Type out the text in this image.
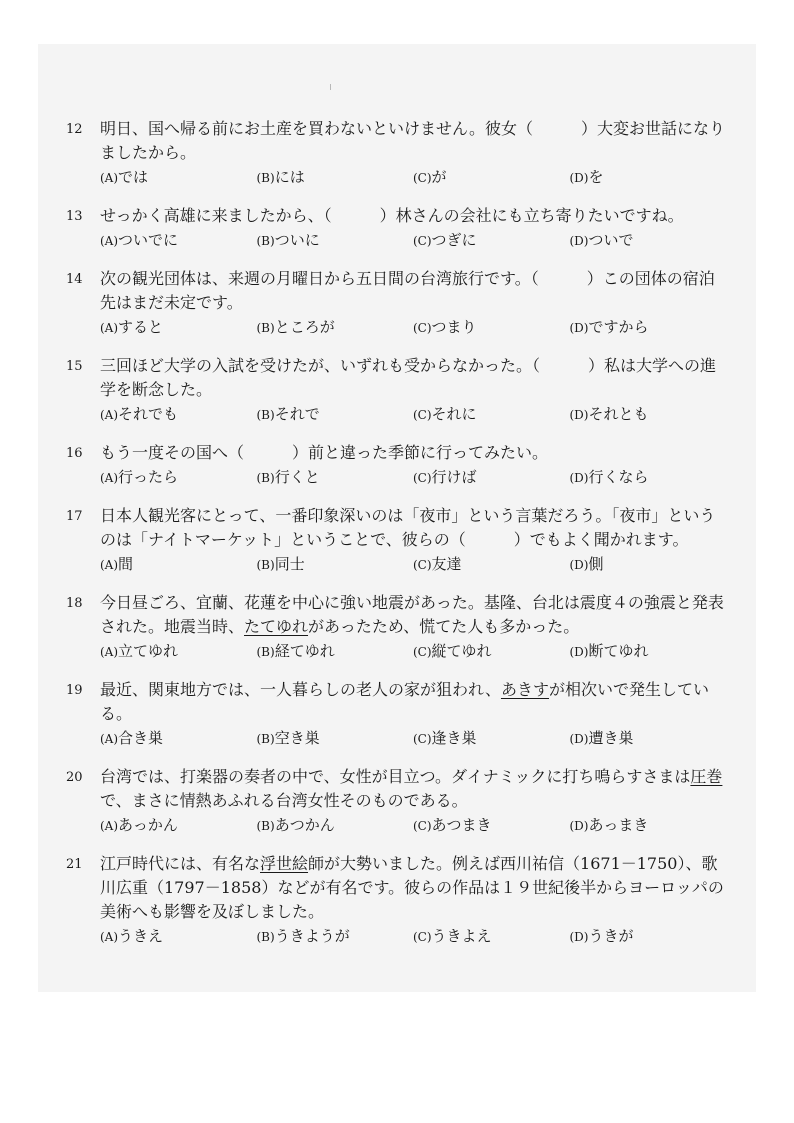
12	明日、国へ帰る前にお土産を買わないといけません。彼女（　　　）大変お世話になりましたから。

(A)では	(B)には	(C)が	(D)を
13	せっかく高雄に来ましたから、（　　　）林さんの会社にも立ち寄りたいですね。

(A)ついでに	(B)ついに	(C)つぎに	(D)ついで
14	次の観光団体は、来週の月曜日から五日間の台湾旅行です。（　　　）この団体の宿泊先はまだ未定です。

(A)すると	(B)ところが	(C)つまり	(D)ですから
15	三回ほど大学の入試を受けたが、いずれも受からなかった。（　　　）私は大学への進学を断念した。

(A)それでも	(B)それで	(C)それに	(D)それとも
16	もう一度その国へ（　　　）前と違った季節に行ってみたい。

(A)行ったら	(B)行くと	(C)行けば	(D)行くなら
17	日本人観光客にとって、一番印象深いのは「夜市」という言葉だろう。「夜市」というのは「ナイトマーケット」ということで、彼らの（　　　）でもよく聞かれます。

(A)間	(B)同士	(C)友達	(D)側
18	今日昼ごろ、宜蘭、花蓮を中心に強い地震があった。基隆、台北は震度４の強震と発表された。地震当時、たてゆれがあったため、慌てた人も多かった。

(A)立てゆれ	(B)経てゆれ	(C)縦てゆれ	(D)断てゆれ
19	最近、関東地方では、一人暮らしの老人の家が狙われ、あきすが相次いで発生している。

(A)合き巣	(B)空き巣	(C)逢き巣	(D)遭き巣
20	台湾では、打楽器の奏者の中で、女性が目立つ。ダイナミックに打ち鳴らすさまは圧巻で、まさに情熱あふれる台湾女性そのものである。

(A)あっかん	(B)あつかん	(C)あつまき	(D)あっまき
21	江戸時代には、有名な浮世絵師が大勢いました。例えば西川祐信（1671－1750）、歌川広重（1797－1858）などが有名です。彼らの作品は１９世紀後半からヨーロッパの美術へも影響を及ぼしました。

(A)うきえ	(B)うきようが	(C)うきよえ	(D)うきが
